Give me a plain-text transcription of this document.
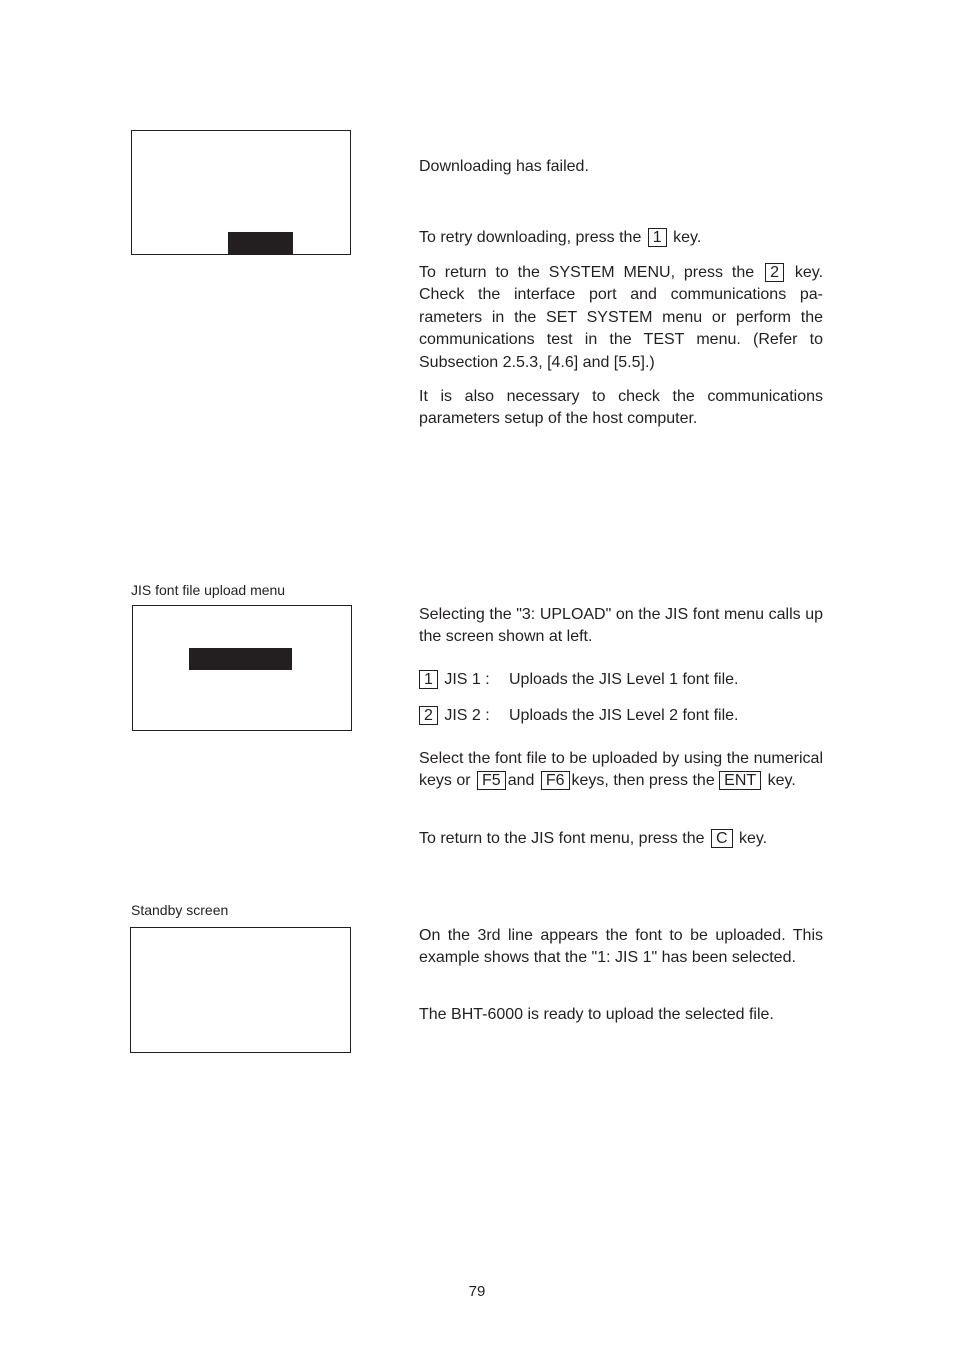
Downloading has failed.

To retry downloading, press the 1 key.

To return to the SYSTEM MENU, press the 2 key. Check the interface port and communications pa-rameters in the SET SYSTEM menu or perform the communications test in the TEST menu. (Refer to Subsection 2.5.3, [4.6] and [5.5].)

It is also necessary to check the communications parameters setup of the host computer.

JIS font file upload menu

Selecting the "3: UPLOAD" on the JIS font menu calls up the screen shown at left.

1 JIS 1 : Uploads the JIS Level 1 font file.
2 JIS 2 : Uploads the JIS Level 2 font file.

Select the font file to be uploaded by using the numerical keys or F5 and F6 keys, then press the ENT key.

To return to the JIS font menu, press the C key.

Standby screen

On the 3rd line appears the font to be uploaded. This example shows that the "1: JIS 1" has been selected.

The BHT-6000 is ready to upload the selected file.

79
